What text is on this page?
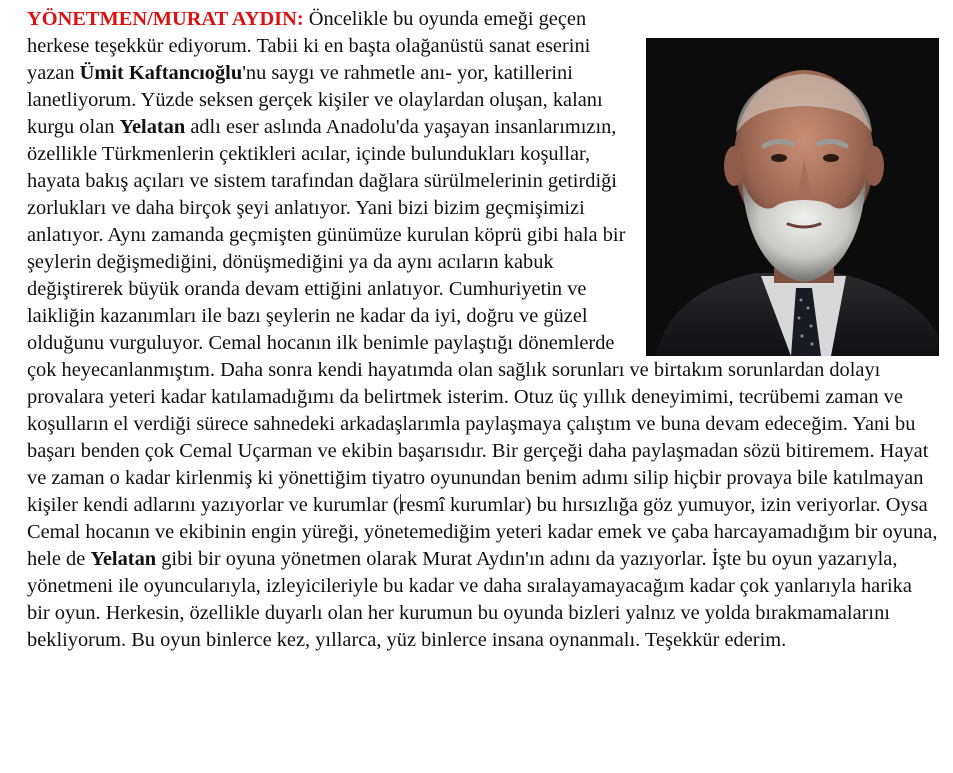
YÖNETMEN/MURAT AYDIN: Öncelikle bu oyunda emeği geçen herkese teşekkür ediyorum. Tabii ki en başta olağanüstü sanat eserini yazan Ümit Kaftancıoğlu'nu saygı ve rahmetle anı- yor, katillerini lanetliyorum. Yüzde seksen gerçek kişiler ve olaylardan oluşan, kalanı kurgu olan Yelatan adlı eser aslında Anadolu'da yaşayan insanlarımızın, özellikle Türkmenlerin çektikleri acılar, içinde bulundukları koşullar, hayata bakış açıları ve sistem tarafından dağlara sürülmelerinin getirdiği zorlukları ve daha birçok şeyi anlatıyor. Yani bizi bizim geçmişimizi anlatıyor. Aynı zamanda geçmişten günümüze kurulan köprü gibi hala bir şeylerin değişmediğini, dönüşmediğini ya da aynı acıların kabuk değiştirerek büyük oranda devam ettiğini anlatıyor. Cumhuriyetin ve laikliğin kazanımları ile bazı şeylerin ne kadar da iyi, doğru ve güzel olduğunu vurguluyor. Cemal hocanın ilk benimle paylaştığı dönemlerde çok heyecanlanmıştım. Daha sonra kendi hayatımda olan sağlık sorunları ve birtakım sorunlardan dolayı provalara yeteri kadar katılamadığımı da belirtmek isterim. Otuz üç yıllık deneyimimi, tecrübemi zaman ve koşulların el verdiği sürece sahnedeki arkadaşlarımla paylaşmaya çalıştım ve buna devam edeceğim. Yani bu başarı benden çok Cemal Uçarman ve ekibin başarısıdır. Bir gerçeği daha paylaşmadan sözü bitiremem. Hayat ve zaman o kadar kirlenmiş ki yönettiğim tiyatro oyunundan benim adımı silip hiçbir provaya bile katılmayan kişiler kendi adlarını yazıyorlar ve kurumlar (resmî kurumlar) bu hırsızlığa göz yumuyor, izin veriyorlar. Oysa Cemal hocanın ve ekibinin engin yüreği, yönetemediğim yeteri kadar emek ve çaba harcayamadığım bir oyuna, hele de Yelatan gibi bir oyuna yönetmen olarak Murat Aydın'ın adını da yazıyorlar. İşte bu oyun yazarıyla, yönetmeni ile oyuncularıyla, izleyicileriyle bu kadar ve daha sıralayamayacağım kadar çok yanlarıyla harika bir oyun. Herkesin, özellikle duyarlı olan her kurumun bu oyunda bizleri yalnız ve yolda bırakmamalarını bekliyorum. Bu oyun binlerce kez, yıllarca, yüz binlerce insana oynanmalı. Teşekkür ederim.
